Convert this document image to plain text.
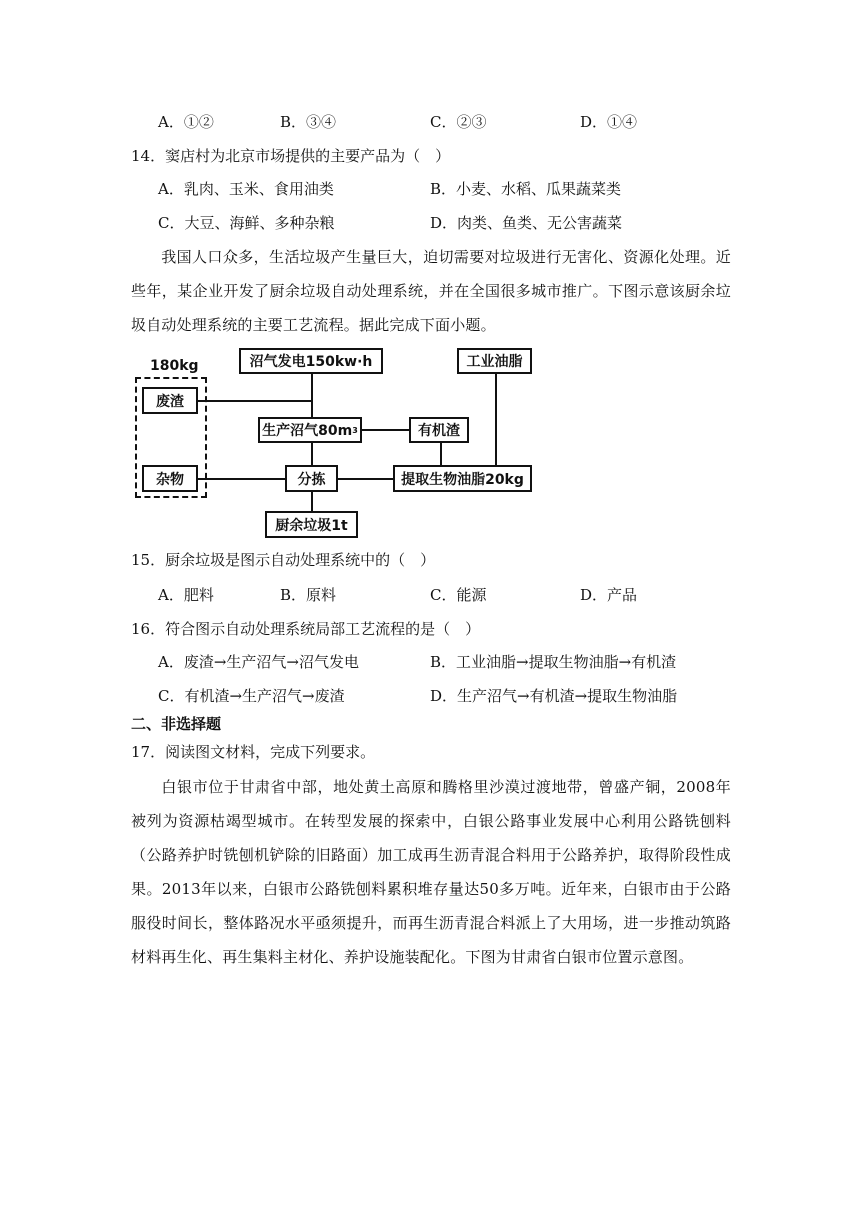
A．①②	B．③④	C．②③	D．①④
14．窦店村为北京市场提供的主要产品为（　）
A．乳肉、玉米、食用油类	B．小麦、水稻、瓜果蔬菜类
C．大豆、海鲜、多种杂粮	D．肉类、鱼类、无公害蔬菜
我国人口众多，生活垃圾产生量巨大，迫切需要对垃圾进行无害化、资源化处理。近些年，某企业开发了厨余垃圾自动处理系统，并在全国很多城市推广。下图示意该厨余垃圾自动处理系统的主要工艺流程。据此完成下面小题。
180kg	沼气发电150kw·h	工业油脂
废渣
生产沼气80m 3	有机渣
杂物	分拣	提取生物油脂20kg
厨余垃圾1t
15．厨余垃圾是图示自动处理系统中的（　）
A．肥料	B．原料	C．能源	D．产品
16．符合图示自动处理系统局部工艺流程的是（　）
A．废渣→生产沼气→沼气发电	B．工业油脂→提取生物油脂→有机渣
C．有机渣→生产沼气→废渣	D．生产沼气→有机渣→提取生物油脂
二、非选择题
17．阅读图文材料，完成下列要求。
白银市位于甘肃省中部，地处黄土高原和腾格里沙漠过渡地带，曾盛产铜，2008年被列为资源枯竭型城市。在转型发展的探索中，白银公路事业发展中心利用公路铣刨料（公路养护时铣刨机铲除的旧路面）加工成再生沥青混合料用于公路养护，取得阶段性成果。2013年以来，白银市公路铣刨料累积堆存量达50多万吨。近年来，白银市由于公路服役时间长，整体路况水平亟须提升，而再生沥青混合料派上了大用场，进一步推动筑路材料再生化、再生集料主材化、养护设施装配化。下图为甘肃省白银市位置示意图。
